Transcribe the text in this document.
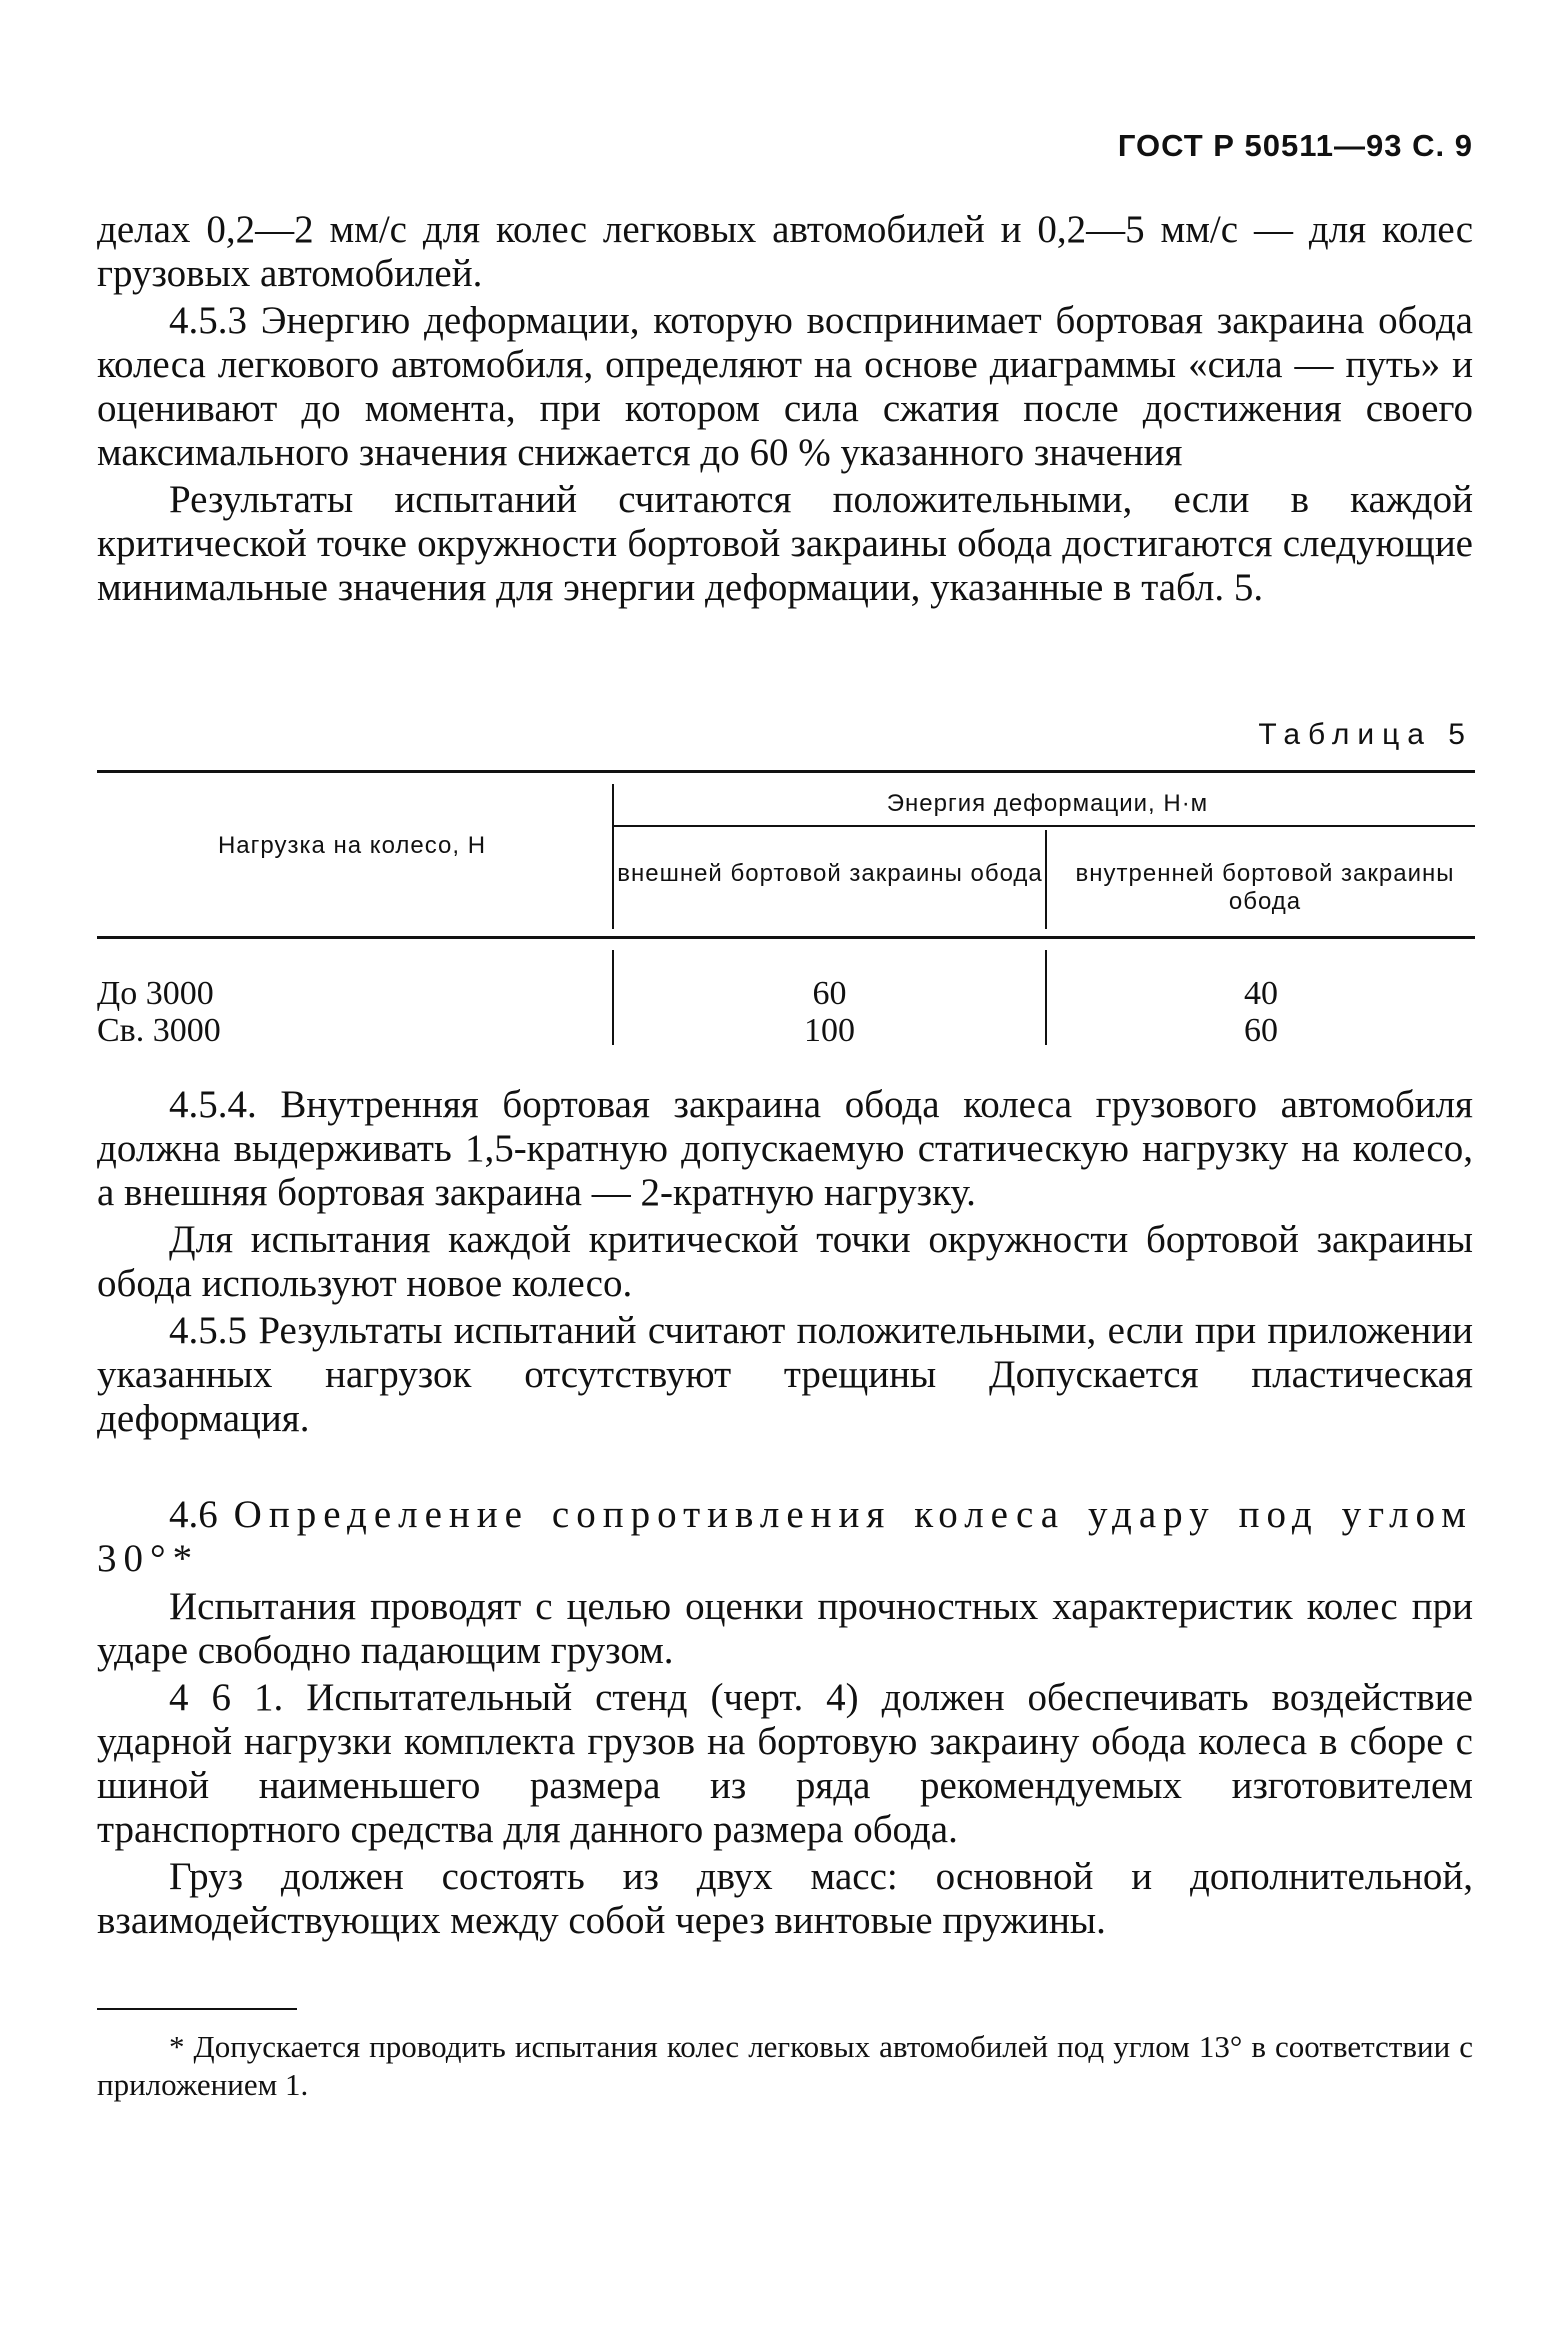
ГОСТ Р 50511—93 С. 9

делах 0,2—2 мм/с для колес легковых автомобилей и 0,2—5 мм/с — для колес грузовых автомобилей.

4.5.3 Энергию деформации, которую воспринимает бортовая закраина обода колеса легкового автомобиля, определяют на основе диаграммы «сила — путь» и оценивают до момента, при котором сила сжатия после достижения своего максимального значения снижается до 60 % указанного значения

Результаты испытаний считаются положительными, если в каждой критической точке окружности бортовой закраины обода достигаются следующие минимальные значения для энергии деформации, указанные в табл. 5.

Таблица 5
Нагрузка на колесо, Н
Энергия деформации, Н·м
внешней бортовой закраины обода	внутренней бортовой закраины обода
До 3000	60	40
Св. 3000	100	60

4.5.4. Внутренняя бортовая закраина обода колеса грузового автомобиля должна выдерживать 1,5-кратную допускаемую статическую нагрузку на колесо, а внешняя бортовая закраина — 2-кратную нагрузку.

Для испытания каждой критической точки окружности бортовой закраины обода используют новое колесо.

4.5.5 Результаты испытаний считают положительными, если при приложении указанных нагрузок отсутствуют трещины Допускается пластическая деформация.

4.6 Определение сопротивления колеса удару под углом 30°*

Испытания проводят с целью оценки прочностных характеристик колес при ударе свободно падающим грузом.

4 6 1. Испытательный стенд (черт. 4) должен обеспечивать воздействие ударной нагрузки комплекта грузов на бортовую закраину обода колеса в сборе с шиной наименьшего размера из ряда рекомендуемых изготовителем транспортного средства для данного размера обода.

Груз должен состоять из двух масс: основной и дополнительной, взаимодействующих между собой через винтовые пружины.

* Допускается проводить испытания колес легковых автомобилей под углом 13° в соответствии с приложением 1.
